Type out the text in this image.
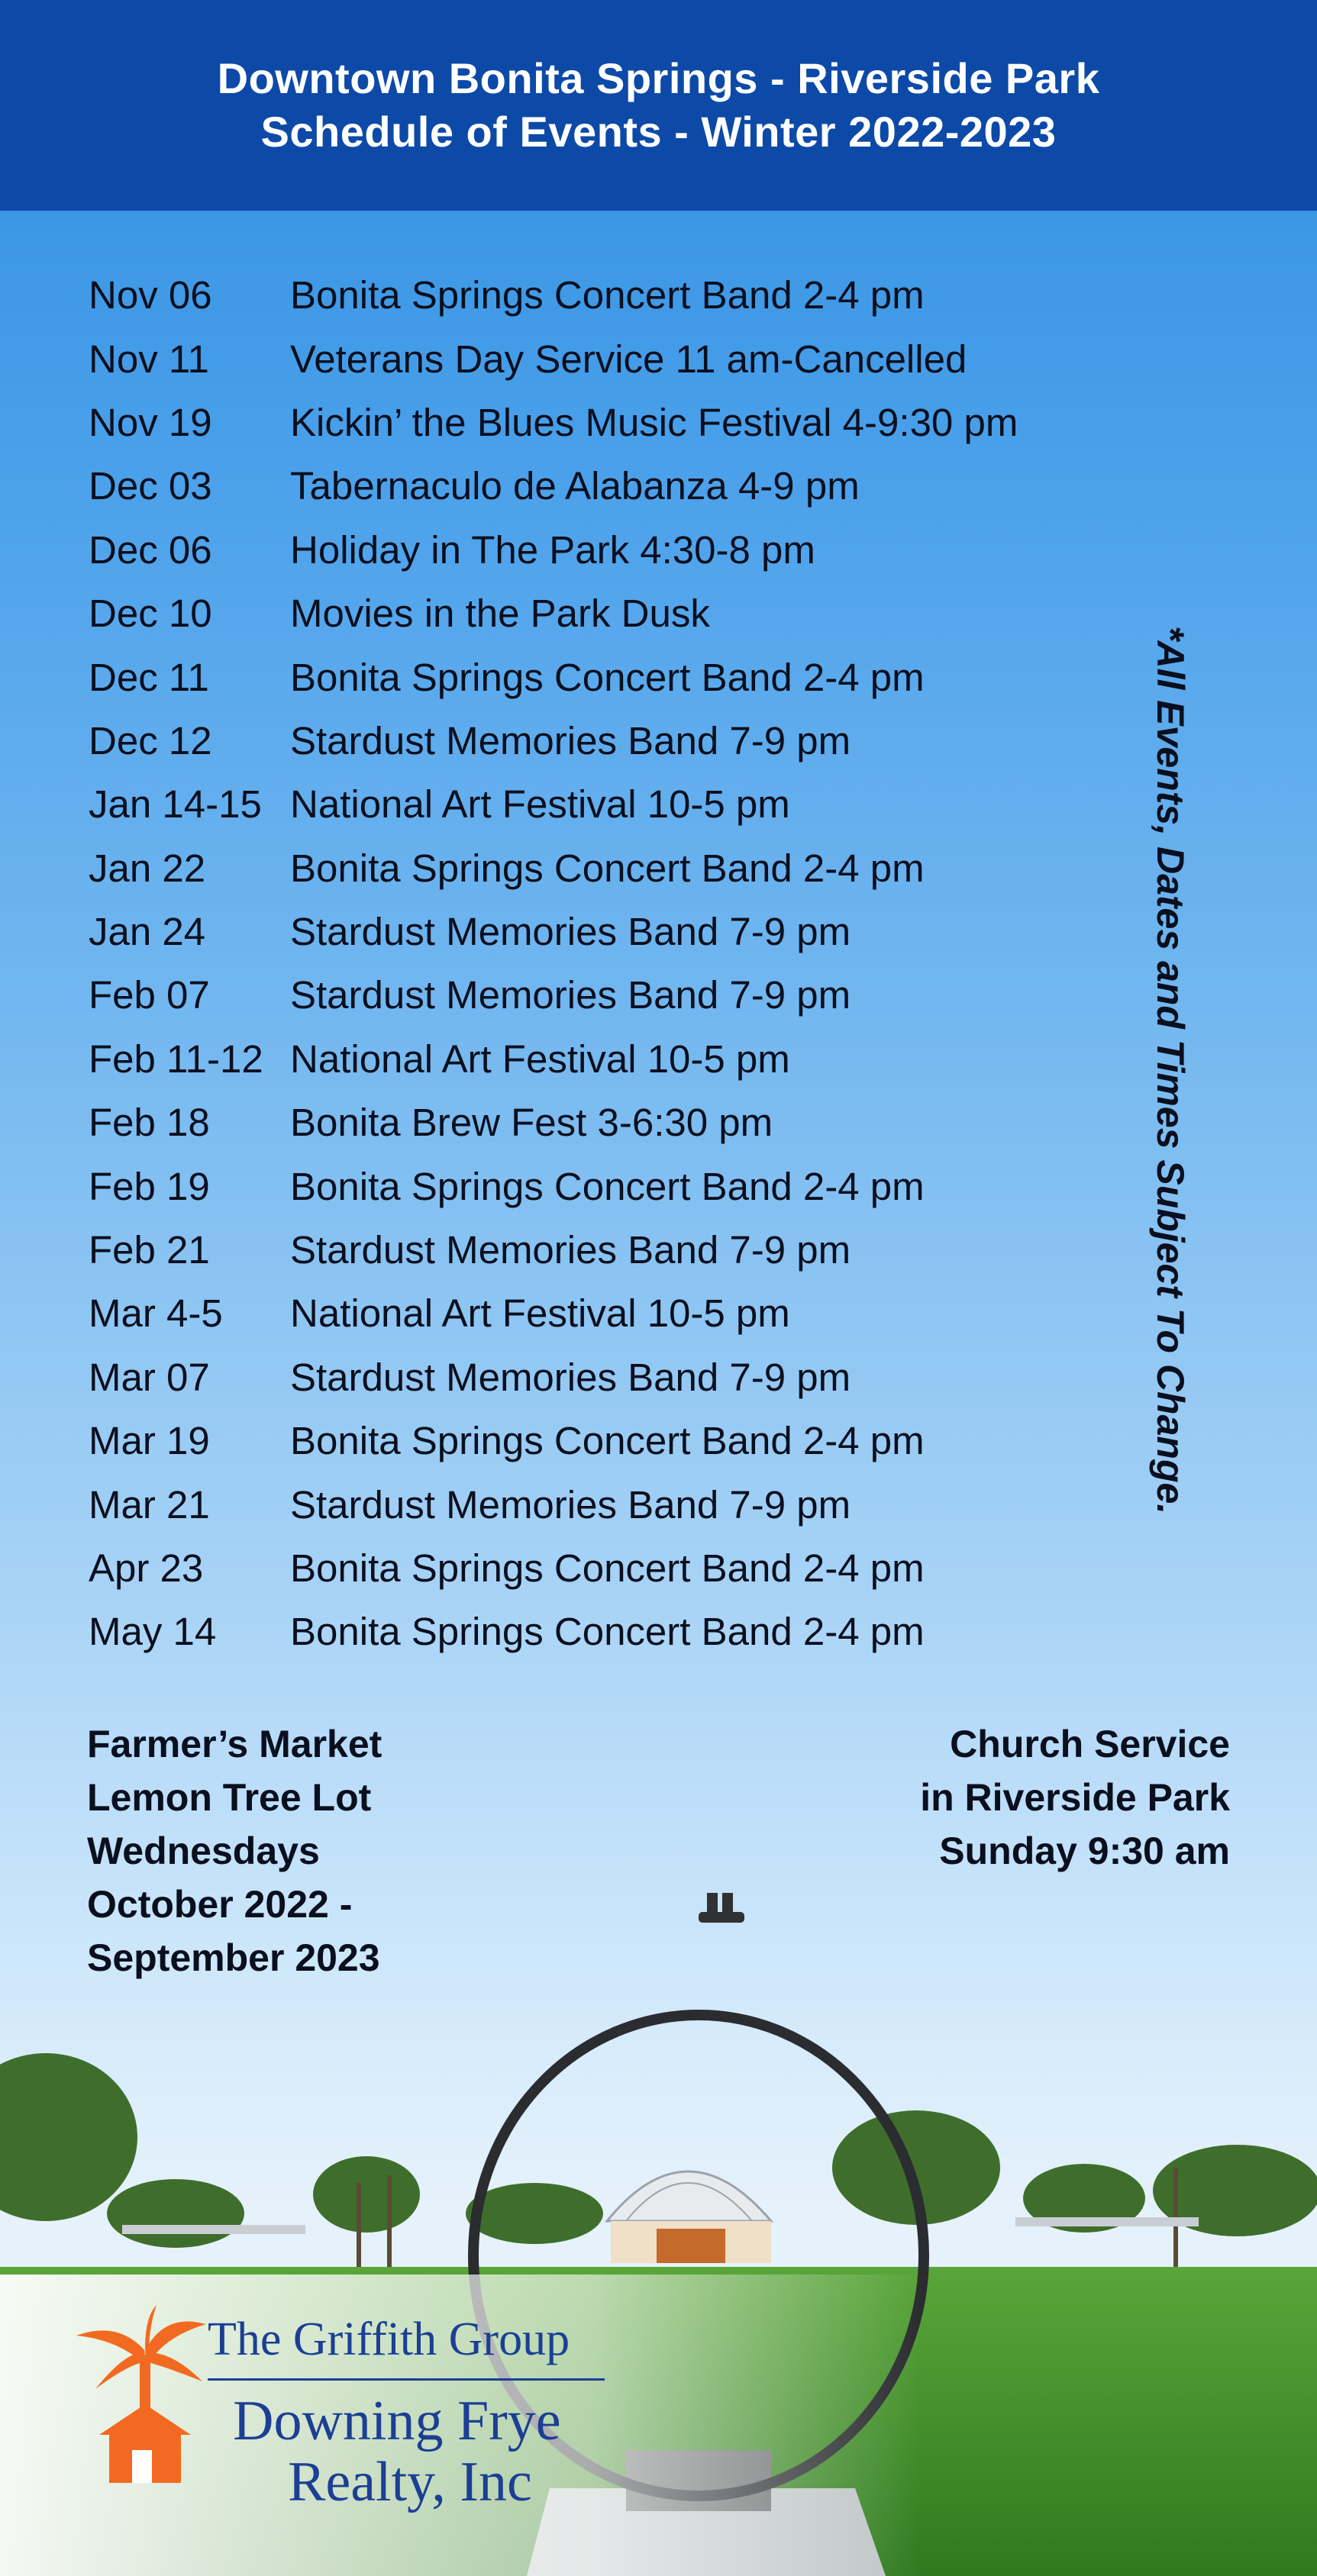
Downtown Bonita Springs - Riverside Park
Schedule of Events - Winter 2022-2023
Nov 06	Bonita Springs Concert Band 2-4 pm
Nov 11	Veterans Day Service 11 am-Cancelled
Nov 19	Kickin’ the Blues Music Festival 4-9:30 pm
Dec 03	Tabernaculo de Alabanza 4-9 pm
Dec 06	Holiday in The Park 4:30-8 pm
Dec 10	Movies in the Park Dusk
Dec 11	Bonita Springs Concert Band 2-4 pm
Dec 12	Stardust Memories Band 7-9 pm
Jan 14-15 National Art Festival 10-5 pm
Jan 22	Bonita Springs Concert Band 2-4 pm
Jan 24	Stardust Memories Band 7-9 pm
Feb 07	Stardust Memories Band 7-9 pm
Feb 11-12 National Art Festival 10-5 pm
Feb 18	Bonita Brew Fest 3-6:30 pm
Feb 19	Bonita Springs Concert Band 2-4 pm
Feb 21	Stardust Memories Band 7-9 pm
Mar 4-5	National Art Festival 10-5 pm
Mar 07	Stardust Memories Band 7-9 pm
Mar 19	Bonita Springs Concert Band 2-4 pm
Mar 21	Stardust Memories Band 7-9 pm
Apr 23	Bonita Springs Concert Band 2-4 pm
May 14	Bonita Springs Concert Band 2-4 pm
*All Events, Dates and Times Subject To Change.
Farmer’s Market
Lemon Tree Lot
Wednesdays
October 2022 -
September 2023
Church Service
in Riverside Park
Sunday 9:30 am
The Griffith Group
Downing Frye
Realty, Inc
